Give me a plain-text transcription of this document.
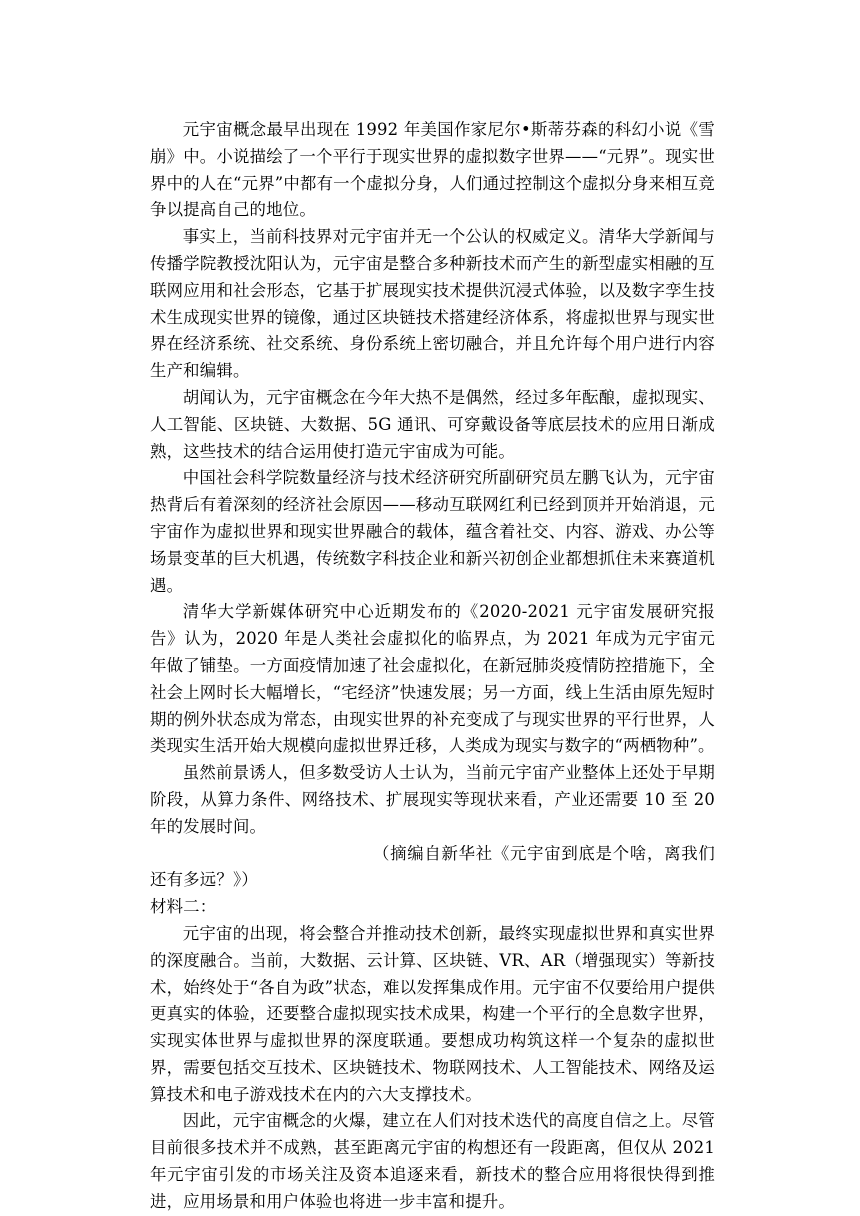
元宇宙概念最早出现在 1992 年美国作家尼尔•斯蒂芬森的科幻小说《雪崩》中。小说描绘了一个平行于现实世界的虚拟数字世界——“元界”。现实世界中的人在“元界”中都有一个虚拟分身，人们通过控制这个虚拟分身来相互竞争以提高自己的地位。

事实上，当前科技界对元宇宙并无一个公认的权威定义。清华大学新闻与传播学院教授沈阳认为，元宇宙是整合多种新技术而产生的新型虚实相融的互联网应用和社会形态，它基于扩展现实技术提供沉浸式体验，以及数字孪生技术生成现实世界的镜像，通过区块链技术搭建经济体系，将虚拟世界与现实世界在经济系统、社交系统、身份系统上密切融合，并且允许每个用户进行内容生产和编辑。

胡闻认为，元宇宙概念在今年大热不是偶然，经过多年酝酿，虚拟现实、人工智能、区块链、大数据、5G 通讯、可穿戴设备等底层技术的应用日渐成熟，这些技术的结合运用使打造元宇宙成为可能。

中国社会科学院数量经济与技术经济研究所副研究员左鹏飞认为，元宇宙热背后有着深刻的经济社会原因——移动互联网红利已经到顶并开始消退，元宇宙作为虚拟世界和现实世界融合的载体，蕴含着社交、内容、游戏、办公等场景变革的巨大机遇，传统数字科技企业和新兴初创企业都想抓住未来赛道机遇。

清华大学新媒体研究中心近期发布的《2020-2021 元宇宙发展研究报告》认为，2020 年是人类社会虚拟化的临界点，为 2021 年成为元宇宙元年做了铺垫。一方面疫情加速了社会虚拟化，在新冠肺炎疫情防控措施下，全社会上网时长大幅增长，“宅经济”快速发展；另一方面，线上生活由原先短时期的例外状态成为常态，由现实世界的补充变成了与现实世界的平行世界，人类现实生活开始大规模向虚拟世界迁移，人类成为现实与数字的“两栖物种”。

虽然前景诱人，但多数受访人士认为，当前元宇宙产业整体上还处于早期阶段，从算力条件、网络技术、扩展现实等现状来看，产业还需要 10 至 20 年的发展时间。

（摘编自新华社《元宇宙到底是个啥，离我们还有多远？》）

材料二：

元宇宙的出现，将会整合并推动技术创新，最终实现虚拟世界和真实世界的深度融合。当前，大数据、云计算、区块链、VR、AR（增强现实）等新技术，始终处于“各自为政”状态，难以发挥集成作用。元宇宙不仅要给用户提供更真实的体验，还要整合虚拟现实技术成果，构建一个平行的全息数字世界，实现实体世界与虚拟世界的深度联通。要想成功构筑这样一个复杂的虚拟世界，需要包括交互技术、区块链技术、物联网技术、人工智能技术、网络及运算技术和电子游戏技术在内的六大支撑技术。

因此，元宇宙概念的火爆，建立在人们对技术迭代的高度自信之上。尽管目前很多技术并不成熟，甚至距离元宇宙的构想还有一段距离，但仅从 2021 年元宇宙引发的市场关注及资本追逐来看，新技术的整合应用将很快得到推进，应用场景和用户体验也将进一步丰富和提升。
